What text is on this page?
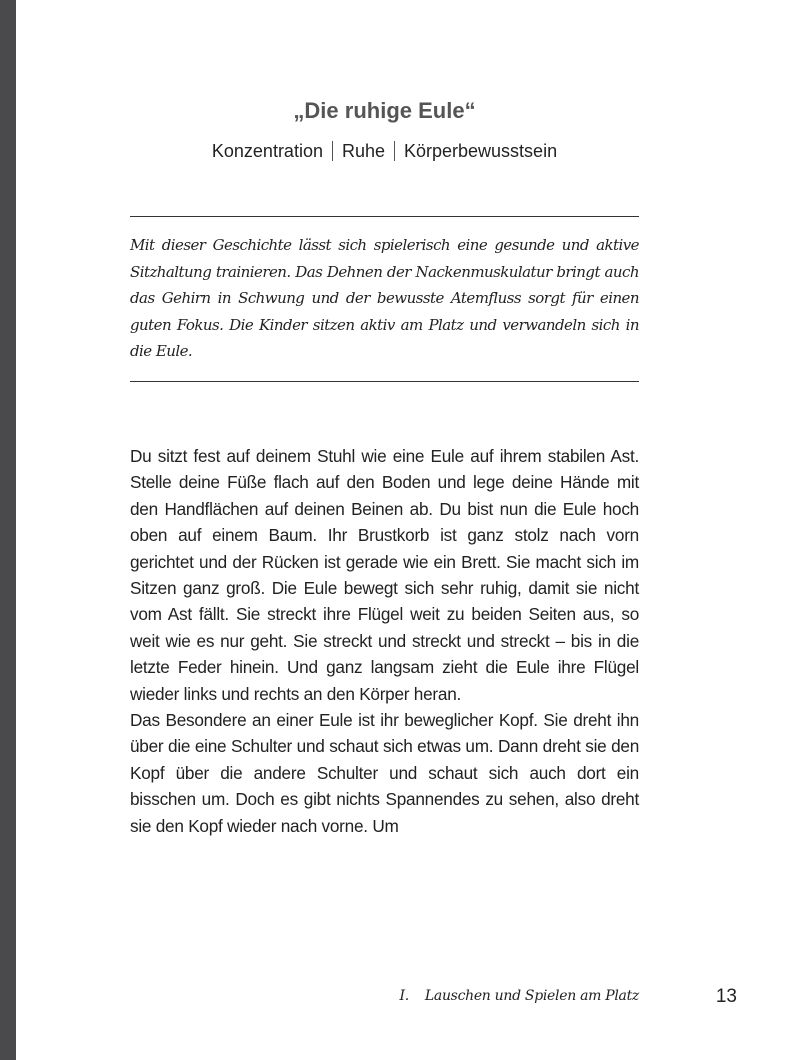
„Die ruhige Eule“
Konzentration Ruhe Körperbewusstsein
Mit dieser Geschichte lässt sich spielerisch eine gesunde und aktive Sitzhaltung trainieren. Das Dehnen der Nackenmuskulatur bringt auch das Gehirn in Schwung und der bewusste Atemfluss sorgt für einen guten Fokus. Die Kinder sitzen aktiv am Platz und verwandeln sich in die Eule.

Du sitzt fest auf deinem Stuhl wie eine Eule auf ihrem stabilen Ast. Stelle deine Füße flach auf den Boden und lege deine Hände mit den Handflächen auf deinen Beinen ab. Du bist nun die Eule hoch oben auf einem Baum. Ihr Brustkorb ist ganz stolz nach vorn gerichtet und der Rücken ist gerade wie ein Brett. Sie macht sich im Sitzen ganz groß. Die Eule bewegt sich sehr ruhig, damit sie nicht vom Ast fällt. Sie streckt ihre Flügel weit zu beiden Seiten aus, so weit wie es nur geht. Sie streckt und streckt und streckt – bis in die letzte Feder hinein. Und ganz langsam zieht die Eule ihre Flügel wieder links und rechts an den Körper heran.

Das Besondere an einer Eule ist ihr beweglicher Kopf. Sie dreht ihn über die eine Schulter und schaut sich etwas um. Dann dreht sie den Kopf über die andere Schulter und schaut sich auch dort ein bisschen um. Doch es gibt nichts Spannendes zu sehen, also dreht sie den Kopf wieder nach vorne. Um

I. Lauschen und Spielen am Platz	13
